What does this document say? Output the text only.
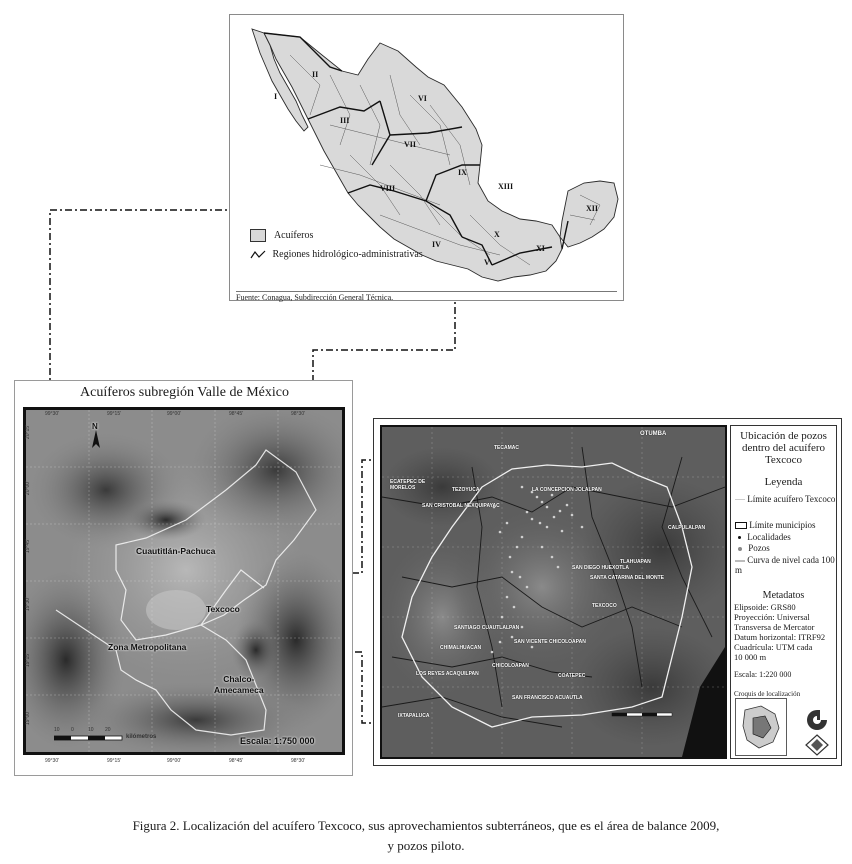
I
II
III
IV
V
VI
VII
VIII
IX
X
XI
XII
XIII
Acuíferos
Regiones hidrológico-administrativas
Fuente: Conagua, Subdirección General Técnica.
Acuíferos subregión Valle de México
N
Cuautitlán-Pachuca
Texcoco
Zona Metropolitana
Chalco-
Amecameca
10 0	10 20
kilómetros	Escala: 1:750 000
99°30'	99°15'	99°00'	98°45'	98°30'
99°30'	99°15'	99°00'	98°45'	98°30'
20°15'
20°00'
19°45'
19°30'
19°15'
19°00'
OTUMBA
TECAMAC
ECATEPEC DE MORELOS	TEZOYUCA	LA CONCEPCION JOLALPAN
SAN CRISTOBAL NEXQUIPAYAC
TEXCOCO
CALPULALPAN
SANTIAGO CUAUTLALPAN
SAN VICENTE CHICOLOAPAN
CHIMALHUACAN
LOS REYES ACAQUILPAN
IXTAPALUCA
SAN FRANCISCO ACUAUTLA
TLAHUAPAN
SANTA CATARINA DEL MONTE
SAN DIEGO HUEXOTLA
CHICOLOAPAN
COATEPEC
Ubicación de pozos dentro del acuífero Texcoco
Leyenda
Límite acuífero Texcoco
Límite municipios
Localidades
Pozos
Curva de nivel cada 100 m
Metadatos
Elipsoide: GRS80
Proyección: Universal
Transversa de Mercator
Datum horizontal: ITRF92
Cuadrícula: UTM cada
10 000 m
Escala: 1:220 000
Croquis de localización
Figura 2. Localización del acuífero Texcoco, sus aprovechamientos subterráneos, que es el área de balance 2009,
y pozos piloto.
